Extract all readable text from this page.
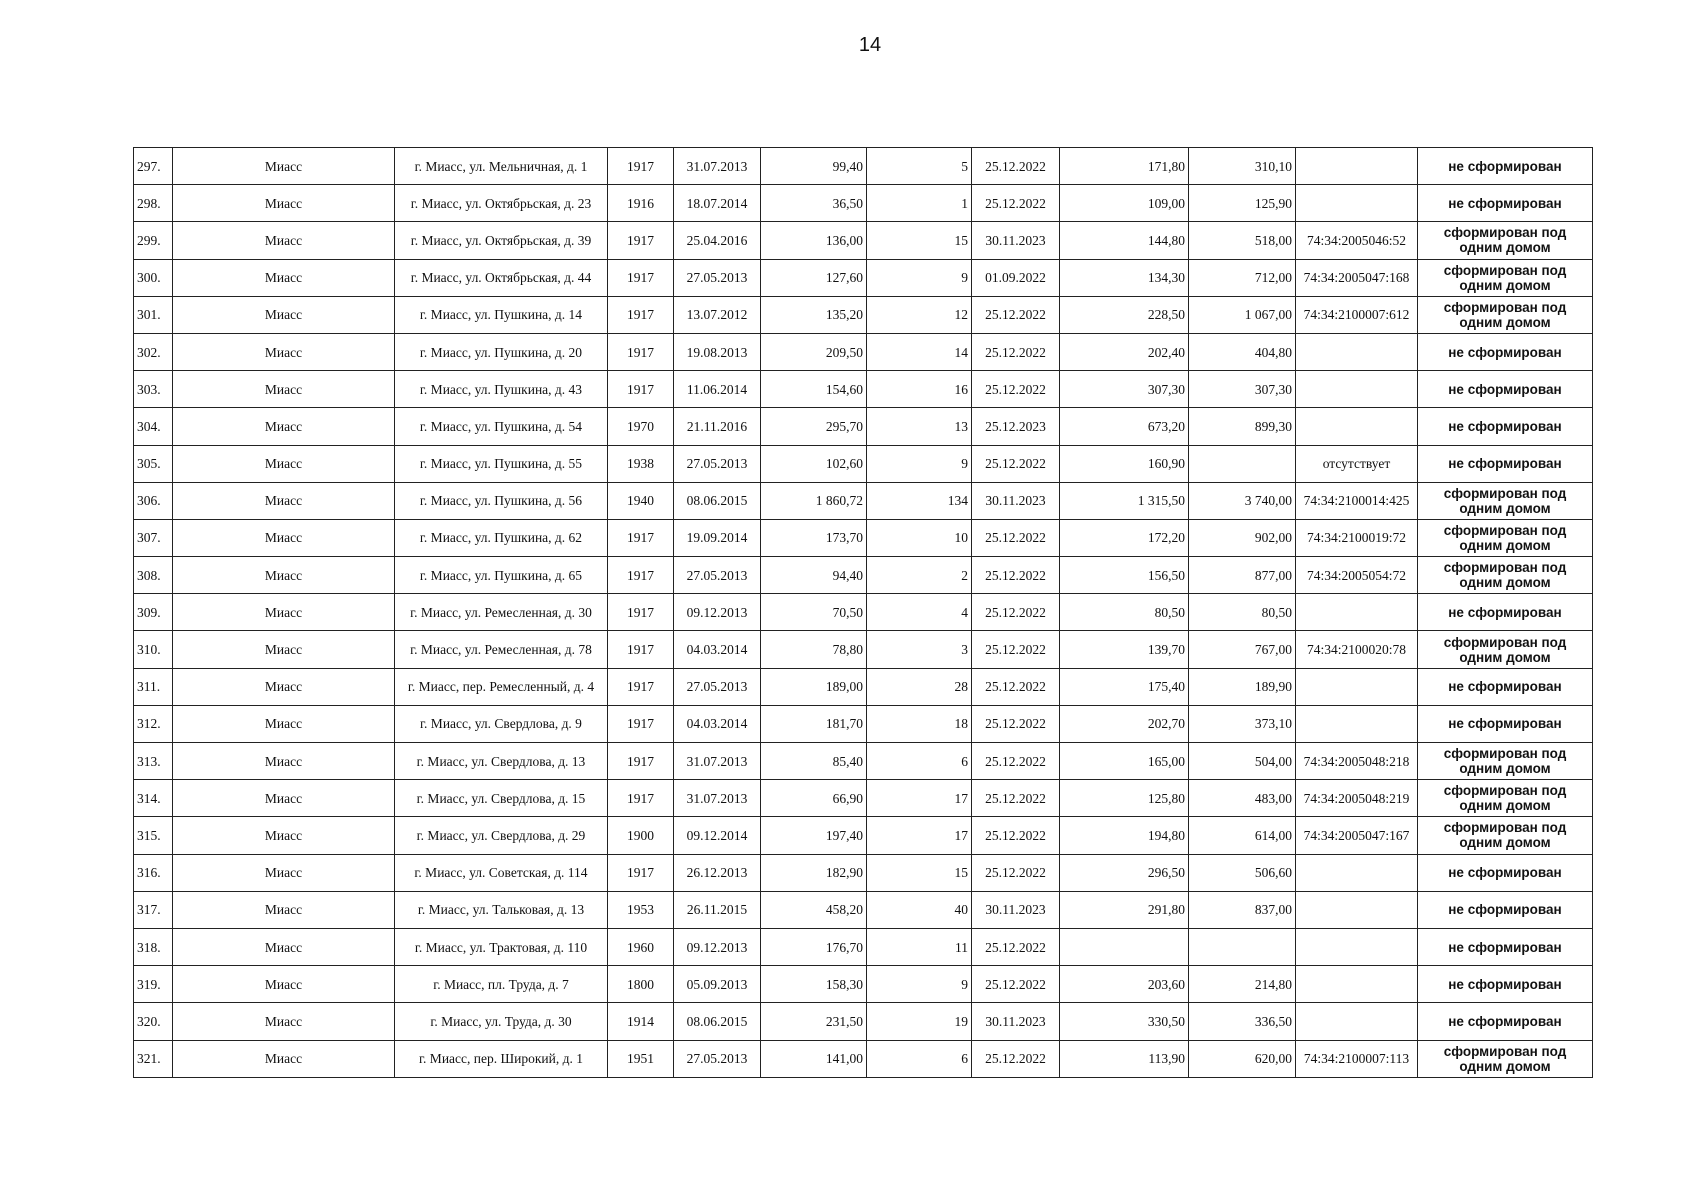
14
297.	Миасс	г. Миасс, ул. Мельничная, д. 1	1917	31.07.2013	99,40	5	25.12.2022	171,80	310,10		не сформирован
298.	Миасс	г. Миасс, ул. Октябрьская, д. 23	1916	18.07.2014	36,50	1	25.12.2022	109,00	125,90		не сформирован
299.	Миасс	г. Миасс, ул. Октябрьская, д. 39	1917	25.04.2016	136,00	15	30.11.2023	144,80	518,00	74:34:2005046:52	сформирован под одним домом
300.	Миасс	г. Миасс, ул. Октябрьская, д. 44	1917	27.05.2013	127,60	9	01.09.2022	134,30	712,00	74:34:2005047:168	сформирован под одним домом
301.	Миасс	г. Миасс, ул. Пушкина, д. 14	1917	13.07.2012	135,20	12	25.12.2022	228,50	1 067,00	74:34:2100007:612	сформирован под одним домом
302.	Миасс	г. Миасс, ул. Пушкина, д. 20	1917	19.08.2013	209,50	14	25.12.2022	202,40	404,80		не сформирован
303.	Миасс	г. Миасс, ул. Пушкина, д. 43	1917	11.06.2014	154,60	16	25.12.2022	307,30	307,30		не сформирован
304.	Миасс	г. Миасс, ул. Пушкина, д. 54	1970	21.11.2016	295,70	13	25.12.2023	673,20	899,30		не сформирован
305.	Миасс	г. Миасс, ул. Пушкина, д. 55	1938	27.05.2013	102,60	9	25.12.2022	160,90		отсутствует	не сформирован
306.	Миасс	г. Миасс, ул. Пушкина, д. 56	1940	08.06.2015	1 860,72	134	30.11.2023	1 315,50	3 740,00	74:34:2100014:425	сформирован под одним домом
307.	Миасс	г. Миасс, ул. Пушкина, д. 62	1917	19.09.2014	173,70	10	25.12.2022	172,20	902,00	74:34:2100019:72	сформирован под одним домом
308.	Миасс	г. Миасс, ул. Пушкина, д. 65	1917	27.05.2013	94,40	2	25.12.2022	156,50	877,00	74:34:2005054:72	сформирован под одним домом
309.	Миасс	г. Миасс, ул. Ремесленная, д. 30	1917	09.12.2013	70,50	4	25.12.2022	80,50	80,50		не сформирован
310.	Миасс	г. Миасс, ул. Ремесленная, д. 78	1917	04.03.2014	78,80	3	25.12.2022	139,70	767,00	74:34:2100020:78	сформирован под одним домом
311.	Миасс	г. Миасс, пер. Ремесленный, д. 4	1917	27.05.2013	189,00	28	25.12.2022	175,40	189,90		не сформирован
312.	Миасс	г. Миасс, ул. Свердлова, д. 9	1917	04.03.2014	181,70	18	25.12.2022	202,70	373,10		не сформирован
313.	Миасс	г. Миасс, ул. Свердлова, д. 13	1917	31.07.2013	85,40	6	25.12.2022	165,00	504,00	74:34:2005048:218	сформирован под одним домом
314.	Миасс	г. Миасс, ул. Свердлова, д. 15	1917	31.07.2013	66,90	17	25.12.2022	125,80	483,00	74:34:2005048:219	сформирован под одним домом
315.	Миасс	г. Миасс, ул. Свердлова, д. 29	1900	09.12.2014	197,40	17	25.12.2022	194,80	614,00	74:34:2005047:167	сформирован под одним домом
316.	Миасс	г. Миасс, ул. Советская, д. 114	1917	26.12.2013	182,90	15	25.12.2022	296,50	506,60		не сформирован
317.	Миасс	г. Миасс, ул. Тальковая, д. 13	1953	26.11.2015	458,20	40	30.11.2023	291,80	837,00		не сформирован
318.	Миасс	г. Миасс, ул. Трактовая, д. 110	1960	09.12.2013	176,70	11	25.12.2022				не сформирован
319.	Миасс	г. Миасс, пл. Труда, д. 7	1800	05.09.2013	158,30	9	25.12.2022	203,60	214,80		не сформирован
320.	Миасс	г. Миасс, ул. Труда, д. 30	1914	08.06.2015	231,50	19	30.11.2023	330,50	336,50		не сформирован
321.	Миасс	г. Миасс, пер. Широкий, д. 1	1951	27.05.2013	141,00	6	25.12.2022	113,90	620,00	74:34:2100007:113	сформирован под одним домом
